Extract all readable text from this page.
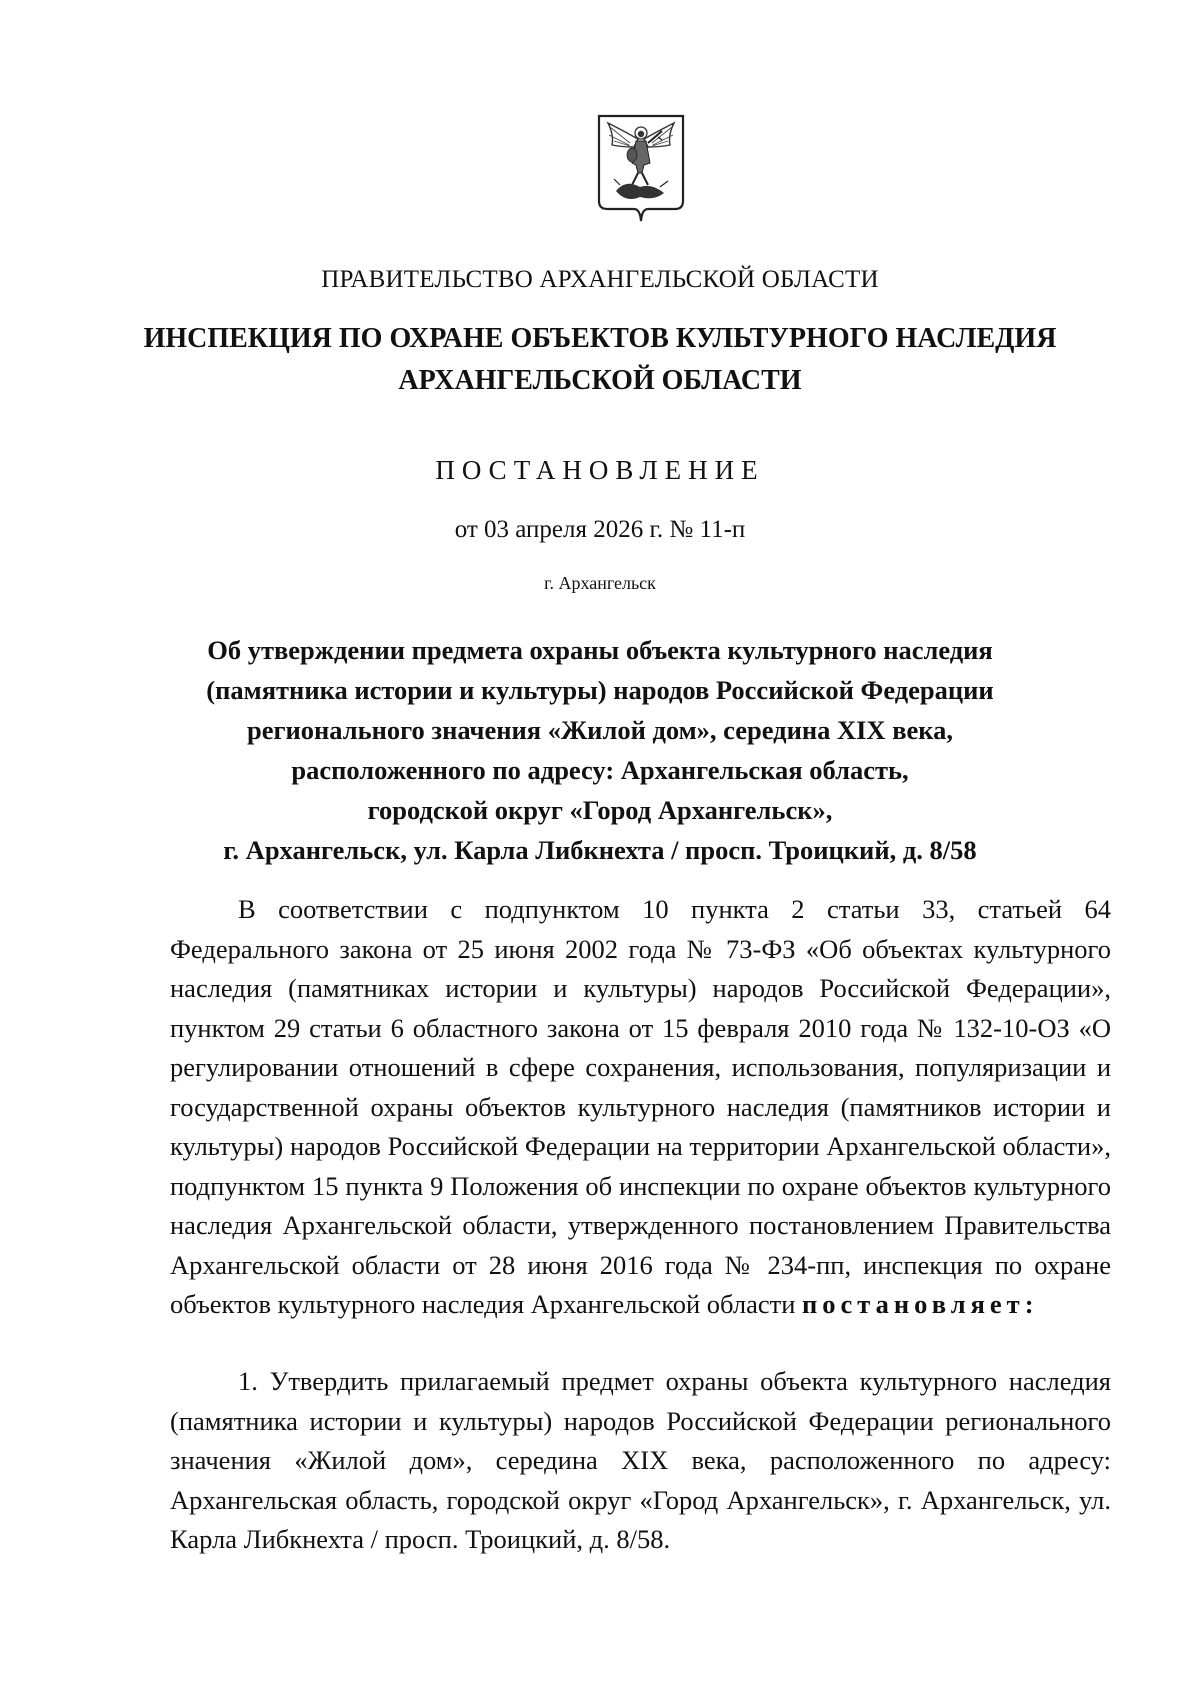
ПРАВИТЕЛЬСТВО АРХАНГЕЛЬСКОЙ ОБЛАСТИ
ИНСПЕКЦИЯ ПО ОХРАНЕ ОБЪЕКТОВ КУЛЬТУРНОГО НАСЛЕДИЯ
АРХАНГЕЛЬСКОЙ ОБЛАСТИ
ПОСТАНОВЛЕНИЕ
от 03 апреля 2026 г. № 11-п
г. Архангельск
Об утверждении предмета охраны объекта культурного наследия
(памятника истории и культуры) народов Российской Федерации
регионального значения «Жилой дом», середина XIX века,
расположенного по адресу: Архангельская область,
городской округ «Город Архангельск»,
г. Архангельск, ул. Карла Либкнехта / просп. Троицкий, д. 8/58
В соответствии с подпунктом 10 пункта 2 статьи 33, статьей 64 Федерального закона от 25 июня 2002 года № 73-ФЗ «Об объектах культурного наследия (памятниках истории и культуры) народов Российской Федерации», пунктом 29 статьи 6 областного закона от 15 февраля 2010 года № 132-10-ОЗ «О регулировании отношений в сфере сохранения, использования, популяризации и государственной охраны объектов культурного наследия (памятников истории и культуры) народов Российской Федерации на территории Архангельской области», подпунктом 15 пункта 9 Положения об инспекции по охране объектов культурного наследия Архангельской области, утвержденного постановлением Правительства Архангельской области от 28 июня 2016 года № 234-пп, инспекция по охране объектов культурного наследия Архангельской области постановляет:
1. Утвердить прилагаемый предмет охраны объекта культурного наследия (памятника истории и культуры) народов Российской Федерации регионального значения «Жилой дом», середина XIX века, расположенного по адресу: Архангельская область, городской округ «Город Архангельск», г. Архангельск, ул. Карла Либкнехта / просп. Троицкий, д. 8/58.
